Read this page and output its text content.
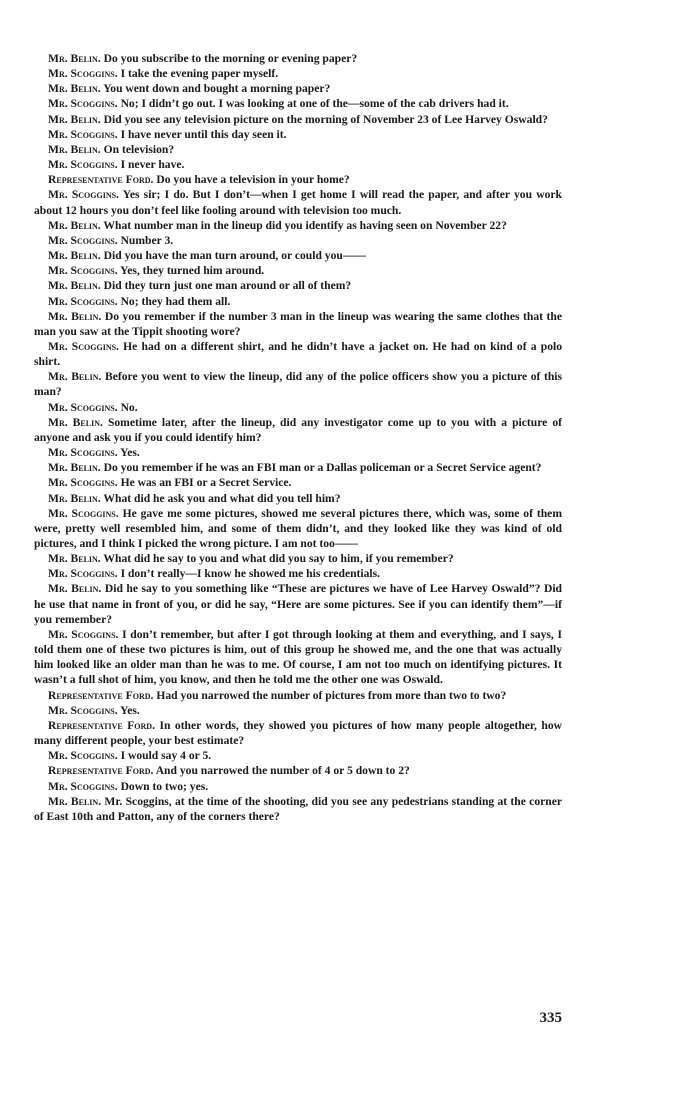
Mr. Belin. Do you subscribe to the morning or evening paper?

Mr. Scoggins. I take the evening paper myself.

Mr. Belin. You went down and bought a morning paper?

Mr. Scoggins. No; I didn’t go out. I was looking at one of the—some of the cab drivers had it.

Mr. Belin. Did you see any television picture on the morning of November 23 of Lee Harvey Oswald?

Mr. Scoggins. I have never until this day seen it.

Mr. Belin. On television?

Mr. Scoggins. I never have.

Representative Ford. Do you have a television in your home?

Mr. Scoggins. Yes sir; I do. But I don’t—when I get home I will read the paper, and after you work about 12 hours you don’t feel like fooling around with television too much.

Mr. Belin. What number man in the lineup did you identify as having seen on November 22?

Mr. Scoggins. Number 3.

Mr. Belin. Did you have the man turn around, or could you——

Mr. Scoggins. Yes, they turned him around.

Mr. Belin. Did they turn just one man around or all of them?

Mr. Scoggins. No; they had them all.

Mr. Belin. Do you remember if the number 3 man in the lineup was wearing the same clothes that the man you saw at the Tippit shooting wore?

Mr. Scoggins. He had on a different shirt, and he didn’t have a jacket on. He had on kind of a polo shirt.

Mr. Belin. Before you went to view the lineup, did any of the police officers show you a picture of this man?

Mr. Scoggins. No.

Mr. Belin. Sometime later, after the lineup, did any investigator come up to you with a picture of anyone and ask you if you could identify him?

Mr. Scoggins. Yes.

Mr. Belin. Do you remember if he was an FBI man or a Dallas policeman or a Secret Service agent?

Mr. Scoggins. He was an FBI or a Secret Service.

Mr. Belin. What did he ask you and what did you tell him?

Mr. Scoggins. He gave me some pictures, showed me several pictures there, which was, some of them were, pretty well resembled him, and some of them didn’t, and they looked like they was kind of old pictures, and I think I picked the wrong picture. I am not too——

Mr. Belin. What did he say to you and what did you say to him, if you remember?

Mr. Scoggins. I don’t really—I know he showed me his credentials.

Mr. Belin. Did he say to you something like “These are pictures we have of Lee Harvey Oswald”? Did he use that name in front of you, or did he say, “Here are some pictures. See if you can identify them”—if you remember?

Mr. Scoggins. I don’t remember, but after I got through looking at them and everything, and I says, I told them one of these two pictures is him, out of this group he showed me, and the one that was actually him looked like an older man than he was to me. Of course, I am not too much on identifying pictures. It wasn’t a full shot of him, you know, and then he told me the other one was Oswald.

Representative Ford. Had you narrowed the number of pictures from more than two to two?

Mr. Scoggins. Yes.

Representative Ford. In other words, they showed you pictures of how many people altogether, how many different people, your best estimate?

Mr. Scoggins. I would say 4 or 5.

Representative Ford. And you narrowed the number of 4 or 5 down to 2?

Mr. Scoggins. Down to two; yes.

Mr. Belin. Mr. Scoggins, at the time of the shooting, did you see any pedestrians standing at the corner of East 10th and Patton, any of the corners there?

335
